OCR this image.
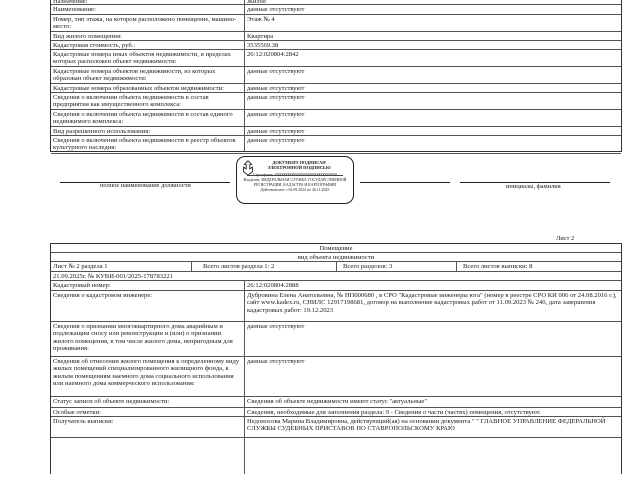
Назначение:	Жилое
Наименование:	данные отсутствуют
Номер, тип этажа, на котором расположено помещение, машино-место:
Этаж № 4
Вид жилого помещения:	Квартира
Кадастровая стоимость, руб.:	3535569.38
Кадастровые номера иных объектов недвижимости, в пределах которых расположен объект недвижимости:
26:12:020804:2842
Кадастровые номера объектов недвижимости, из которых образован объект недвижимости:
данные отсутствуют
Кадастровые номера образованных объектов недвижимости:	данные отсутствуют
Сведения о включении объекта недвижимости в состав предприятия как имущественного комплекса:
данные отсутствуют
Сведения о включении объекта недвижимости в состав единого недвижимого комплекса:
данные отсутствуют
Вид разрешенного использования:	данные отсутствуют
Сведения о включении объекта недвижимости в реестр объектов культурного наследия:
данные отсутствуют
полное наименование должности
ДОКУМЕНТ ПОДПИСАН ЭЛЕКТРОННОЙ ПОДПИСЬЮ
Сертификат: 00000000000000000000000000000000
Владелец: ФЕДЕРАЛЬНАЯ СЛУЖБА ГОСУДАРСТВЕННОЙ
РЕГИСТРАЦИИ, КАДАСТРА И КАРТОГРАФИИ
Действителен: с 02.09.2024 по 26.11.2025	инициалы, фамилия
Лист 2
Помещение
вид объекта недвижимости
Лист № 2 раздела 1	Всего листов раздела 1: 2	Всего разделов: 3	Всего листов выписки: 8
21.09.2025г. № КУВИ-001/2025-178783221
Кадастровый номер:	26:12:020804:2888
Сведения о кадастровом инженере:	Дубровина Елена Анатольевна, № НП000680 , в СРО "Кадастровые инженеры юга" (номер в реестре СРО КИ 006 от 24.08.2016 г.), сайт www.kadex.ru, СНИЛС 12917198681, договор на выполнение кадастровых работ от 11.09.2023 № 240, дата завершения кадастровых работ: 19.12.2023
Сведения о признании многоквартирного дома аварийным и подлежащим сносу или реконструкции и (или) о признании жилого помещения, в том числе жилого дома, непригодным для проживания:
данные отсутствуют
Сведения об отнесении жилого помещения к определенному виду жилых помещений специализированного жилищного фонда, к жилым помещениям наемного дома социального использования или наемного дома коммерческого использования:
данные отсутствуют
Статус записи об объекте недвижимости:	Сведения об объекте недвижимости имеют статус "актуальные"
Особые отметки:	Сведения, необходимые для заполнения раздела: 9 - Сведения о части (частях) помещения, отсутствуют.
Получатель выписки:	Недоносова Марина Владимировна, действующий(ая) на основании документа " " ГЛАВНОЕ УПРАВЛЕНИЕ ФЕДЕРАЛЬНОЙ СЛУЖБЫ СУДЕБНЫХ ПРИСТАВОВ ПО СТАВРОПОЛЬСКОМУ КРАЮ
